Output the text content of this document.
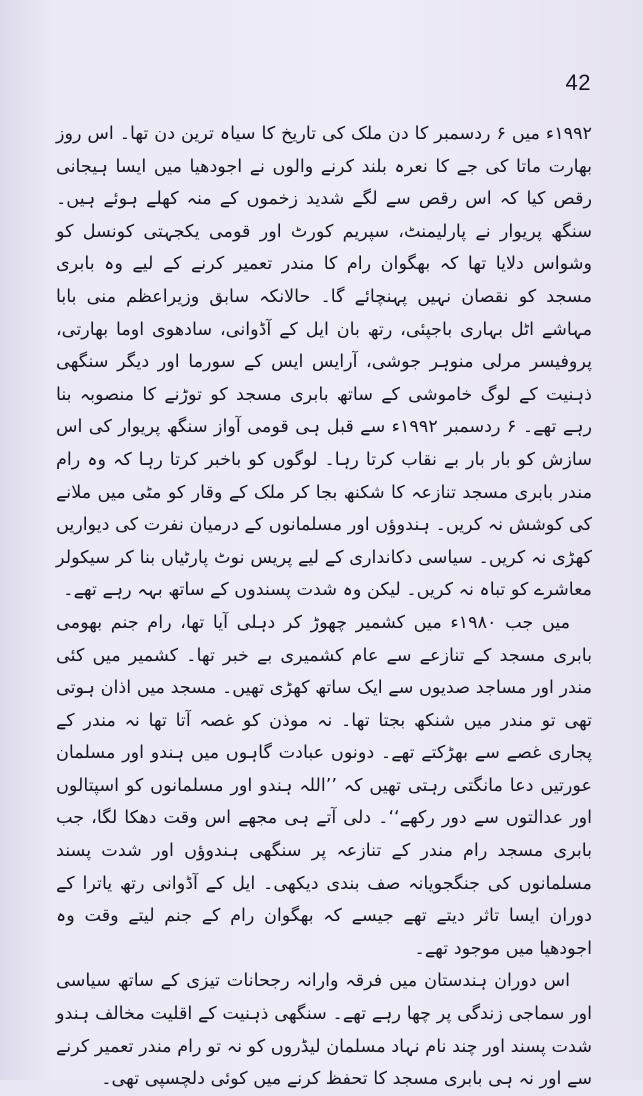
42

۱۹۹۲ء میں ۶ ردسمبر کا دن ملک کی تاریخ کا سیاہ ترین دن تھا۔ اس روز بھارت ماتا کی جے کا نعرہ بلند کرنے والوں نے اجودھیا میں ایسا ہیجانی رقص کیا کہ اس رقص سے لگے شدید زخموں کے منہ کھلے ہوئے ہیں۔ سنگھ پریوار نے پارلیمنٹ، سپریم کورٹ اور قومی یکجہتی کونسل کو وشواس دلایا تھا کہ بھگوان رام کا مندر تعمیر کرنے کے لیے وہ بابری مسجد کو نقصان نہیں پہنچائے گا۔ حالانکہ سابق وزیراعظم منی بابا مہاشے اٹل بہاری باجپئی، رتھ بان ایل کے آڈوانی، سادھوی اوما بھارتی، پروفیسر مرلی منوہر جوشی، آرایس ایس کے سورما اور دیگر سنگھی ذہنیت کے لوگ خاموشی کے ساتھ بابری مسجد کو توڑنے کا منصوبہ بنا رہے تھے۔ ۶ ردسمبر ۱۹۹۲ء سے قبل ہی قومی آواز سنگھ پریوار کی اس سازش کو بار بار بے نقاب کرتا رہا۔ لوگوں کو باخبر کرتا رہا کہ وہ رام مندر بابری مسجد تنازعہ کا شکنھ بجا کر ملک کے وقار کو مٹی میں ملانے کی کوشش نہ کریں۔ ہندوؤں اور مسلمانوں کے درمیان نفرت کی دیواریں کھڑی نہ کریں۔ سیاسی دکانداری کے لیے پریس نوٹ پارٹیاں بنا کر سیکولر معاشرے کو تباہ نہ کریں۔ لیکن وہ شدت پسندوں کے ساتھ بہہ رہے تھے۔

میں جب ۱۹۸۰ء میں کشمیر چھوڑ کر دہلی آیا تھا، رام جنم بھومی بابری مسجد کے تنازعے سے عام کشمیری بے خبر تھا۔ کشمیر میں کئی مندر اور مساجد صدیوں سے ایک ساتھ کھڑی تھیں۔ مسجد میں اذان ہوتی تھی تو مندر میں شنکھ بجتا تھا۔ نہ موذن کو غصہ آتا تھا نہ مندر کے پجاری غصے سے بھڑکتے تھے۔ دونوں عبادت گاہوں میں ہندو اور مسلمان عورتیں دعا مانگتی رہتی تھیں کہ ’’اللہ ہندو اور مسلمانوں کو اسپتالوں اور عدالتوں سے دور رکھے‘‘۔ دلی آتے ہی مجھے اس وقت دھکا لگا، جب بابری مسجد رام مندر کے تنازعہ پر سنگھی ہندوؤں اور شدت پسند مسلمانوں کی جنگجویانہ صف بندی دیکھی۔ ایل کے آڈوانی رتھ یاترا کے دوران ایسا تاثر دیتے تھے جیسے کہ بھگوان رام کے جنم لیتے وقت وہ اجودھیا میں موجود تھے۔

اس دوران ہندستان میں فرقہ وارانہ رجحانات تیزی کے ساتھ سیاسی اور سماجی زندگی پر چھا رہے تھے۔ سنگھی ذہنیت کے اقلیت مخالف ہندو شدت پسند اور چند نام نہاد مسلمان لیڈروں کو نہ تو رام مندر تعمیر کرنے سے اور نہ ہی بابری مسجد کا تحفظ کرنے میں کوئی دلچسپی تھی۔
